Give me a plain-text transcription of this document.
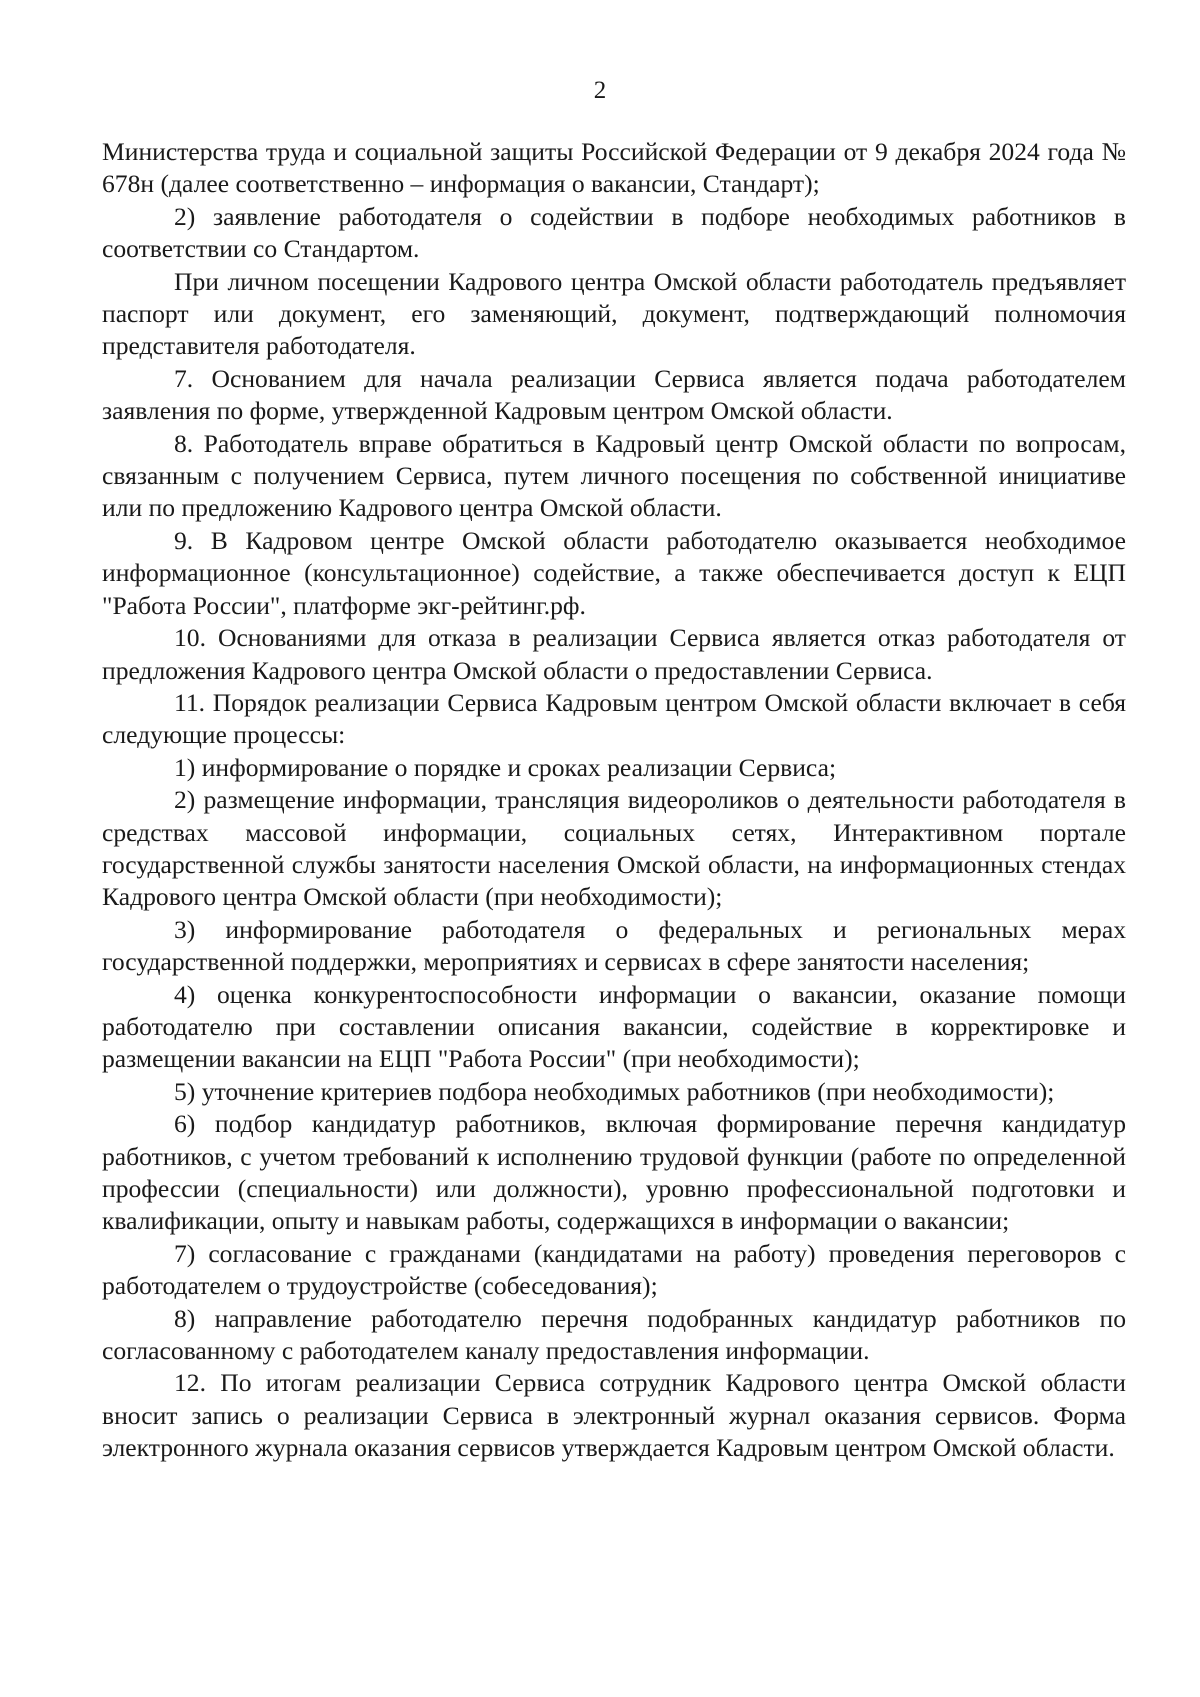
2

Министерства труда и социальной защиты Российской Федерации от 9 декабря 2024 года № 678н (далее соответственно – информация о вакансии, Стандарт);

2) заявление работодателя о содействии в подборе необходимых работников в соответствии со Стандартом.

При личном посещении Кадрового центра Омской области работодатель предъявляет паспорт или документ, его заменяющий, документ, подтверждающий полномочия представителя работодателя.

7. Основанием для начала реализации Сервиса является подача работодателем заявления по форме, утвержденной Кадровым центром Омской области.

8. Работодатель вправе обратиться в Кадровый центр Омской области по вопросам, связанным с получением Сервиса, путем личного посещения по собственной инициативе или по предложению Кадрового центра Омской области.

9. В Кадровом центре Омской области работодателю оказывается необходимое информационное (консультационное) содействие, а также обеспечивается доступ к ЕЦП "Работа России", платформе экг-рейтинг.рф.

10. Основаниями для отказа в реализации Сервиса является отказ работодателя от предложения Кадрового центра Омской области о предоставлении Сервиса.

11. Порядок реализации Сервиса Кадровым центром Омской области включает в себя следующие процессы:

1) информирование о порядке и сроках реализации Сервиса;

2) размещение информации, трансляция видеороликов о деятельности работодателя в средствах массовой информации, социальных сетях, Интерактивном портале государственной службы занятости населения Омской области, на информационных стендах Кадрового центра Омской области (при необходимости);

3) информирование работодателя о федеральных и региональных мерах государственной поддержки, мероприятиях и сервисах в сфере занятости населения;

4) оценка конкурентоспособности информации о вакансии, оказание помощи работодателю при составлении описания вакансии, содействие в корректировке и размещении вакансии на ЕЦП "Работа России" (при необходимости);

5) уточнение критериев подбора необходимых работников (при необходимости);

6) подбор кандидатур работников, включая формирование перечня кандидатур работников, с учетом требований к исполнению трудовой функции (работе по определенной профессии (специальности) или должности), уровню профессиональной подготовки и квалификации, опыту и навыкам работы, содержащихся в информации о вакансии;

7) согласование с гражданами (кандидатами на работу) проведения переговоров с работодателем о трудоустройстве (собеседования);

8) направление работодателю перечня подобранных кандидатур работников по согласованному с работодателем каналу предоставления информации.

12. По итогам реализации Сервиса сотрудник Кадрового центра Омской области вносит запись о реализации Сервиса в электронный журнал оказания сервисов. Форма электронного журнала оказания сервисов утверждается Кадровым центром Омской области.
